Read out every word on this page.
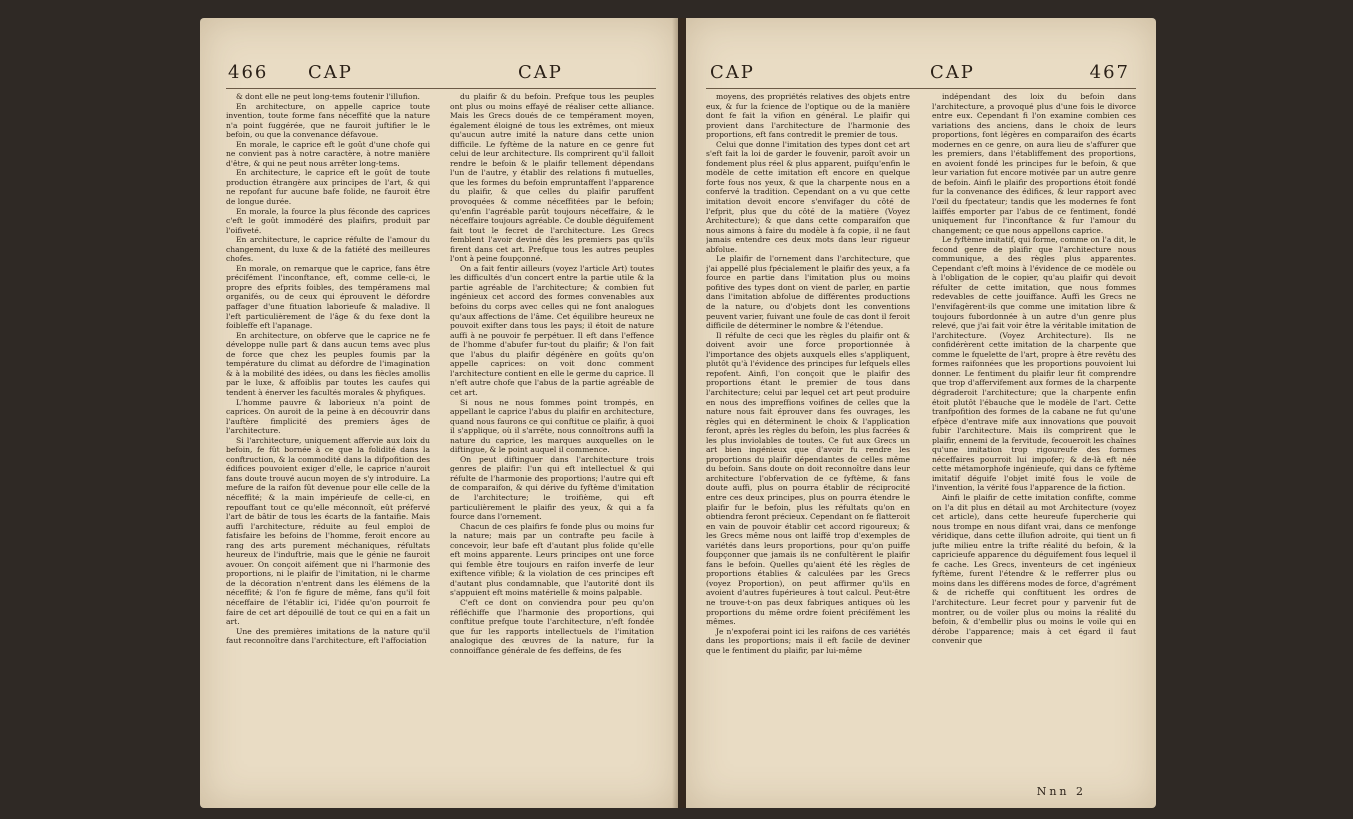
466 CAP	CAP

& dont elle ne peut long-tems foutenir l'illufion.

En architecture, on appelle caprice toute invention, toute forme fans néceffité que la nature n'a point fuggérée, que ne fauroit juftifier le le befoin, ou que la convenance défavoue.

En morale, le caprice eft le goût d'une chofe qui ne convient pas à notre caractère, à notre manière d'être, & qui ne peut nous arrêter long-tems.

En architecture, le caprice eft le goût de toute production étrangère aux principes de l'art, & qui ne repofant fur aucune bafe folide, ne fauroit être de longue durée.

En morale, la fource la plus féconde des caprices c'eft le goût immodéré des plaifirs, produit par l'oifiveté.

En architecture, le caprice réfulte de l'amour du changement, du luxe & de la fatiété des meilleures chofes.

En morale, on remarque que le caprice, fans être précifément l'inconftance, eft, comme celle-ci, le propre des efprits foibles, des tempéramens mal organifés, ou de ceux qui éprouvent le défordre paffager d'une fituation laborieufe & maladive. Il l'eft particulièrement de l'âge & du fexe dont la foibleffe eft l'apanage.

En architecture, on obferve que le caprice ne fe développe nulle part & dans aucun tems avec plus de force que chez les peuples foumis par la température du climat au défordre de l'imagination & à la mobilité des idées, ou dans les fiècles amollis par le luxe, & affoiblis par toutes les caufes qui tendent à énerver les facultés morales & phyfiques.

L'homme pauvre & laborieux n'a point de caprices. On auroit de la peine à en découvrir dans l'auftère fimplicité des premiers âges de l'architecture.

Si l'architecture, uniquement affervie aux loix du befoin, fe fût bornée à ce que la folidité dans la conftruction, & la commodité dans la difpofition des édifices pouvoient exiger d'elle, le caprice n'auroit fans doute trouvé aucun moyen de s'y introduire. La mefure de la raifon fût devenue pour elle celle de la néceffité; & la main impérieufe de celle-ci, en repouffant tout ce qu'elle méconnoît, eût préfervé l'art de bâtir de tous les écarts de la fantaifie. Mais auffi l'architecture, réduite au feul emploi de fatisfaire les befoins de l'homme, feroit encore au rang des arts purement méchaniques, réfultats heureux de l'induftrie, mais que le génie ne fauroit avouer. On conçoit aifément que ni l'harmonie des proportions, ni le plaifir de l'imitation, ni le charme de la décoration n'entrent dans les élémens de la néceffité; & l'on fe figure de même, fans qu'il foit néceffaire de l'établir ici, l'idée qu'on pourroit fe faire de cet art dépouillé de tout ce qui en a fait un art.

Une des premières imitations de la nature qu'il faut reconnoître dans l'architecture, eft l'affociation

du plaifir & du befoin. Prefque tous les peuples ont plus ou moins effayé de réaliser cette alliance. Mais les Grecs doués de ce tempérament moyen, également éloigné de tous les extrêmes, ont mieux qu'aucun autre imité la nature dans cette union difficile. Le fyftème de la nature en ce genre fut celui de leur architecture. Ils comprirent qu'il falloit rendre le befoin & le plaifir tellement dépendans l'un de l'autre, y établir des relations fi mutuelles, que les formes du befoin empruntaffent l'apparence du plaifir, & que celles du plaifir paruffent provoquées & comme néceffitées par le befoin; qu'enfin l'agréable parût toujours néceffaire, & le néceffaire toujours agréable. Ce double déguifement fait tout le fecret de l'architecture. Les Grecs femblent l'avoir deviné dès les premiers pas qu'ils firent dans cet art. Prefque tous les autres peuples l'ont à peine foupçonné.

On a fait fentir ailleurs (voyez l'article Art) toutes les difficultés d'un concert entre la partie utile & la partie agréable de l'architecture; & combien fut ingénieux cet accord des formes convenables aux befoins du corps avec celles qui ne font analogues qu'aux affections de l'âme. Cet équilibre heureux ne pouvoit exifter dans tous les pays; il étoit de nature auffi à ne pouvoir fe perpétuer. Il eft dans l'effence de l'homme d'abufer fur-tout du plaifir; & l'on fait que l'abus du plaifir dégénère en goûts qu'on appelle caprices: on voit donc comment l'architecture contient en elle le germe du caprice. Il n'eft autre chofe que l'abus de la partie agréable de cet art.

Si nous ne nous fommes point trompés, en appellant le caprice l'abus du plaifir en architecture, quand nous faurons ce qui conftitue ce plaifir, à quoi il s'applique, où il s'arrête, nous connoîtrons auffi la nature du caprice, les marques auxquelles on le diftingue, & le point auquel il commence.

On peut diftinguer dans l'architecture trois genres de plaifir: l'un qui eft intellectuel & qui réfulte de l'harmonie des proportions; l'autre qui eft de comparaifon, & qui dérive du fyftème d'imitation de l'architecture; le troifième, qui eft particulièrement le plaifir des yeux, & qui a fa fource dans l'ornement.

Chacun de ces plaifirs fe fonde plus ou moins fur la nature; mais par un contrafte peu facile à concevoir, leur bafe eft d'autant plus folide qu'elle eft moins apparente. Leurs principes ont une force qui femble être toujours en raifon inverfe de leur exiftence vifible; & la violation de ces principes eft d'autant plus condamnable, que l'autorité dont ils s'appuient eft moins matérielle & moins palpable.

C'eft ce dont on conviendra pour peu qu'on réfléchiffe que l'harmonie des proportions, qui conftitue prefque toute l'architecture, n'eft fondée que fur les rapports intellectuels de l'imitation analogique des œuvres de la nature, fur la connoiffance générale de fes deffeins, de fes

CAP	CAP	467

moyens, des propriétés relatives des objets entre eux, & fur la fcience de l'optique ou de la manière dont fe fait la vifion en général. Le plaifir qui provient dans l'architecture de l'harmonie des proportions, eft fans contredit le premier de tous.

Celui que donne l'imitation des types dont cet art s'eft fait la loi de garder le fouvenir, paroît avoir un fondement plus réel & plus apparent, puifqu'enfin le modèle de cette imitation eft encore en quelque forte fous nos yeux, & que la charpente nous en a confervé la tradition. Cependant on a vu que cette imitation devoit encore s'envifager du côté de l'efprit, plus que du côté de la matière (Voyez Architecture); & que dans cette comparaifon que nous aimons à faire du modèle à fa copie, il ne faut jamais entendre ces deux mots dans leur rigueur abfolue.

Le plaifir de l'ornement dans l'architecture, que j'ai appellé plus fpécialement le plaifir des yeux, a fa fource en partie dans l'imitation plus ou moins pofitive des types dont on vient de parler, en partie dans l'imitation abfolue de différentes productions de la nature, ou d'objets dont les conventions peuvent varier, fuivant une foule de cas dont il feroit difficile de déterminer le nombre & l'étendue.

Il réfulte de ceci que les règles du plaifir ont & doivent avoir une force proportionnée à l'importance des objets auxquels elles s'appliquent, plutôt qu'à l'évidence des principes fur lefquels elles repofent. Ainfi, l'on conçoit que le plaifir des proportions étant le premier de tous dans l'architecture; celui par lequel cet art peut produire en nous des impreffions voifines de celles que la nature nous fait éprouver dans fes ouvrages, les règles qui en déterminent le choix & l'application feront, après les règles du befoin, les plus facrées & les plus inviolables de toutes. Ce fut aux Grecs un art bien ingénieux que d'avoir fu rendre les proportions du plaifir dépendantes de celles même du befoin. Sans doute on doit reconnoître dans leur architecture l'obfervation de ce fyftème, & fans doute auffi, plus on pourra établir de réciprocité entre ces deux principes, plus on pourra étendre le plaifir fur le befoin, plus les réfultats qu'on en obtiendra feront précieux. Cependant on fe flatteroit en vain de pouvoir établir cet accord rigoureux; & les Grecs même nous ont laiffé trop d'exemples de variétés dans leurs proportions, pour qu'on puiffe foupçonner que jamais ils ne confultèrent le plaifir fans le befoin. Quelles qu'aient été les règles de proportions établies & calculées par les Grecs (voyez Proportion), on peut affirmer qu'ils en avoient d'autres fupérieures à tout calcul. Peut-être ne trouve-t-on pas deux fabriques antiques où les proportions du même ordre foient précifément les mêmes.

Je n'expoferai point ici les raifons de ces variétés dans les proportions; mais il eft facile de deviner que le fentiment du plaifir, par lui-même

indépendant des loix du befoin dans l'architecture, a provoqué plus d'une fois le divorce entre eux. Cependant fi l'on examine combien ces variations des anciens, dans le choix de leurs proportions, font légères en comparaifon des écarts modernes en ce genre, on aura lieu de s'affurer que les premiers, dans l'établiffement des proportions, en avoient fondé les principes fur le befoin, & que leur variation fut encore motivée par un autre genre de befoin. Ainfi le plaifir des proportions étoit fondé fur la convenance des édifices, & leur rapport avec l'œil du fpectateur; tandis que les modernes fe font laiffés emporter par l'abus de ce fentiment, fondé uniquement fur l'inconftance & fur l'amour du changement; ce que nous appellons caprice.

Le fyftème imitatif, qui forme, comme on l'a dit, le fecond genre de plaifir que l'architecture nous communique, a des règles plus apparentes. Cependant c'eft moins à l'évidence de ce modèle ou à l'obligation de le copier, qu'au plaifir qui devoit réfulter de cette imitation, que nous fommes redevables de cette jouiffance. Auffi les Grecs ne l'envifagèrent-ils que comme une imitation libre & toujours fubordonnée à un autre d'un genre plus relevé, que j'ai fait voir être la véritable imitation de l'architecture. (Voyez Architecture). Ils ne confidérèrent cette imitation de la charpente que comme le fquelette de l'art, propre à être revêtu des formes raifonnées que les proportions pouvoient lui donner. Le fentiment du plaifir leur fit comprendre que trop d'affervifement aux formes de la charpente dégraderoit l'architecture; que la charpente enfin étoit plutôt l'ébauche que le modèle de l'art. Cette tranfpofition des formes de la cabane ne fut qu'une efpèce d'entrave mife aux innovations que pouvoit fubir l'architecture. Mais ils comprirent que le plaifir, ennemi de la fervitude, fecoueroit les chaînes qu'une imitation trop rigoureufe des formes néceffaires pourroit lui impofer; & de-là eft née cette métamorphofe ingénieufe, qui dans ce fyftème imitatif déguife l'objet imité fous le voile de l'invention, la vérité fous l'apparence de la fiction.

Ainfi le plaifir de cette imitation confifte, comme on l'a dit plus en détail au mot Architecture (voyez cet article), dans cette heureufe fupercherie qui nous trompe en nous difant vrai, dans ce menfonge véridique, dans cette illufion adroite, qui tient un fi jufte milieu entre la trifte réalité du befoin, & la capricieufe apparence du déguifement fous lequel il fe cache. Les Grecs, inventeurs de cet ingénieux fyftème, furent l'étendre & le refferrer plus ou moins dans les différens modes de force, d'agrément & de richeffe qui conftituent les ordres de l'architecture. Leur fecret pour y parvenir fut de montrer, ou de voiler plus ou moins la réalité du befoin, & d'embellir plus ou moins le voile qui en dérobe l'apparence; mais à cet égard il faut convenir que

Nnn 2
